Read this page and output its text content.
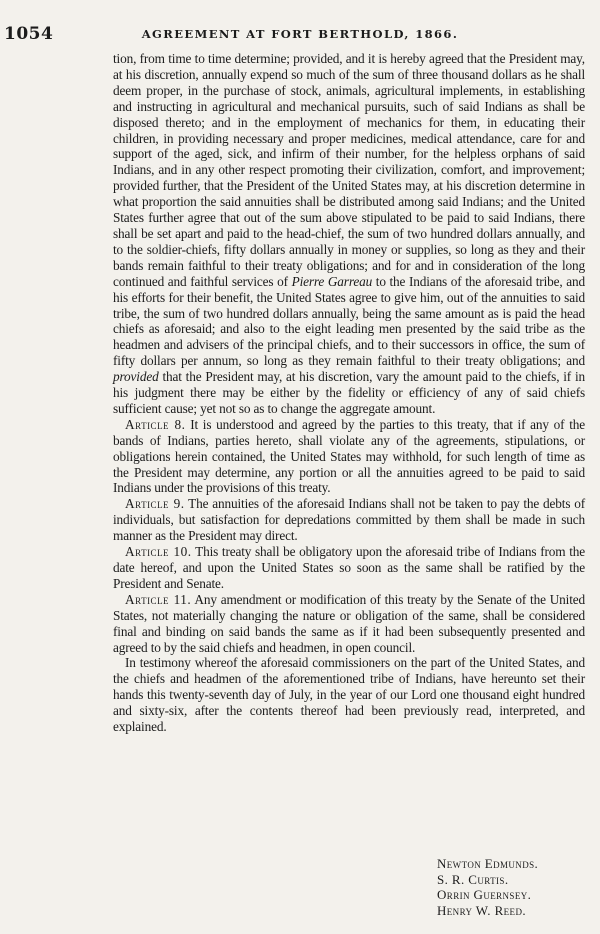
1054	AGREEMENT AT FORT BERTHOLD, 1866.

tion, from time to time determine; provided, and it is hereby agreed that the President may, at his discretion, annually expend so much of the sum of three thousand dollars as he shall deem proper, in the purchase of stock, animals, agricultural implements, in establishing and instructing in agricultural and mechanical pursuits, such of said Indians as shall be disposed thereto; and in the employment of mechanics for them, in educating their children, in providing necessary and proper medicines, medical attendance, care for and support of the aged, sick, and infirm of their number, for the helpless orphans of said Indians, and in any other respect promoting their civilization, comfort, and improvement; provided further, that the President of the United States may, at his discretion determine in what proportion the said annuities shall be distributed among said Indians; and the United States further agree that out of the sum above stipulated to be paid to said Indians, there shall be set apart and paid to the head-chief, the sum of two hundred dollars annually, and to the soldier-chiefs, fifty dollars annually in money or supplies, so long as they and their bands remain faithful to their treaty obligations; and for and in consideration of the long continued and faithful services of Pierre Garreau to the Indians of the aforesaid tribe, and his efforts for their benefit, the United States agree to give him, out of the annuities to said tribe, the sum of two hundred dollars annually, being the same amount as is paid the head chiefs as aforesaid; and also to the eight leading men presented by the said tribe as the headmen and advisers of the principal chiefs, and to their successors in office, the sum of fifty dollars per annum, so long as they remain faithful to their treaty obligations; and provided that the President may, at his discretion, vary the amount paid to the chiefs, if in his judgment there may be either by the fidelity or efficiency of any of said chiefs sufficient cause; yet not so as to change the aggregate amount.

Article 8. It is understood and agreed by the parties to this treaty, that if any of the bands of Indians, parties hereto, shall violate any of the agreements, stipulations, or obligations herein contained, the United States may withhold, for such length of time as the President may determine, any portion or all the annuities agreed to be paid to said Indians under the provisions of this treaty.

Article 9. The annuities of the aforesaid Indians shall not be taken to pay the debts of individuals, but satisfaction for depredations committed by them shall be made in such manner as the President may direct.

Article 10. This treaty shall be obligatory upon the aforesaid tribe of Indians from the date hereof, and upon the United States so soon as the same shall be ratified by the President and Senate.

Article 11. Any amendment or modification of this treaty by the Senate of the United States, not materially changing the nature or obligation of the same, shall be considered final and binding on said bands the same as if it had been subsequently presented and agreed to by the said chiefs and headmen, in open council.

In testimony whereof the aforesaid commissioners on the part of the United States, and the chiefs and headmen of the aforementioned tribe of Indians, have hereunto set their hands this twenty-seventh day of July, in the year of our Lord one thousand eight hundred and sixty-six, after the contents thereof had been previously read, interpreted, and explained.

Newton Edmunds.
S. R. Curtis.
Orrin Guernsey.
Henry W. Reed.
